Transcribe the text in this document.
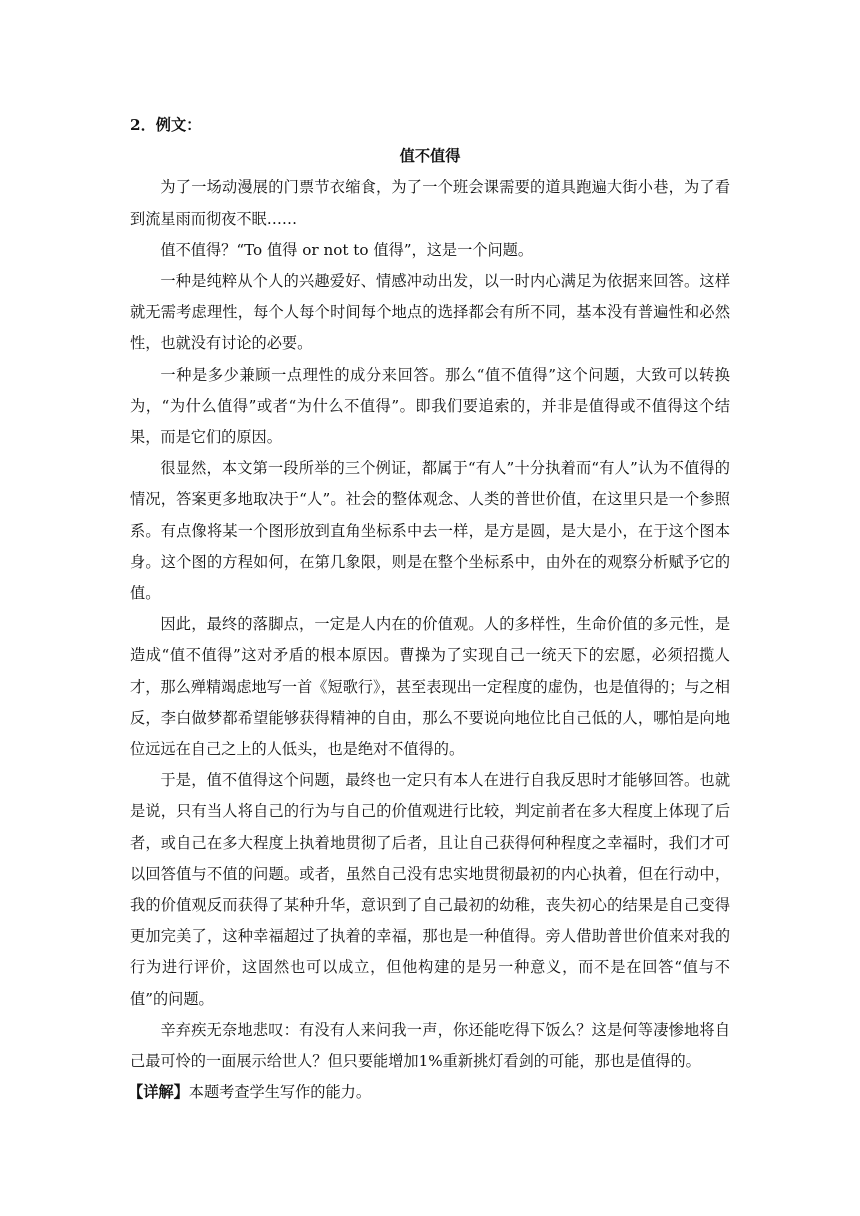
2．例文：

值不值得

为了一场动漫展的门票节衣缩食，为了一个班会课需要的道具跑遍大街小巷，为了看到流星雨而彻夜不眠……

值不值得？“To 值得 or not to 值得”，这是一个问题。

一种是纯粹从个人的兴趣爱好、情感冲动出发，以一时内心满足为依据来回答。这样就无需考虑理性，每个人每个时间每个地点的选择都会有所不同，基本没有普遍性和必然性，也就没有讨论的必要。

一种是多少兼顾一点理性的成分来回答。那么“值不值得”这个问题，大致可以转换为，“为什么值得”或者“为什么不值得”。即我们要追索的，并非是值得或不值得这个结果，而是它们的原因。

很显然，本文第一段所举的三个例证，都属于“有人”十分执着而“有人”认为不值得的情况，答案更多地取决于“人”。社会的整体观念、人类的普世价值，在这里只是一个参照系。有点像将某一个图形放到直角坐标系中去一样，是方是圆，是大是小，在于这个图本身。这个图的方程如何，在第几象限，则是在整个坐标系中，由外在的观察分析赋予它的值。

因此，最终的落脚点，一定是人内在的价值观。人的多样性，生命价值的多元性，是造成“值不值得”这对矛盾的根本原因。曹操为了实现自己一统天下的宏愿，必须招揽人才，那么殚精竭虑地写一首《短歌行》，甚至表现出一定程度的虚伪，也是值得的；与之相反，李白做梦都希望能够获得精神的自由，那么不要说向地位比自己低的人，哪怕是向地位远远在自己之上的人低头，也是绝对不值得的。

于是，值不值得这个问题，最终也一定只有本人在进行自我反思时才能够回答。也就是说，只有当人将自己的行为与自己的价值观进行比较，判定前者在多大程度上体现了后者，或自己在多大程度上执着地贯彻了后者，且让自己获得何种程度之幸福时，我们才可以回答值与不值的问题。或者，虽然自己没有忠实地贯彻最初的内心执着，但在行动中，我的价值观反而获得了某种升华，意识到了自己最初的幼稚，丧失初心的结果是自己变得更加完美了，这种幸福超过了执着的幸福，那也是一种值得。旁人借助普世价值来对我的行为进行评价，这固然也可以成立，但他构建的是另一种意义，而不是在回答“值与不值”的问题。

辛弃疾无奈地悲叹：有没有人来问我一声，你还能吃得下饭么？这是何等凄惨地将自己最可怜的一面展示给世人？但只要能增加1%重新挑灯看剑的可能，那也是值得的。

【详解】本题考查学生写作的能力。
